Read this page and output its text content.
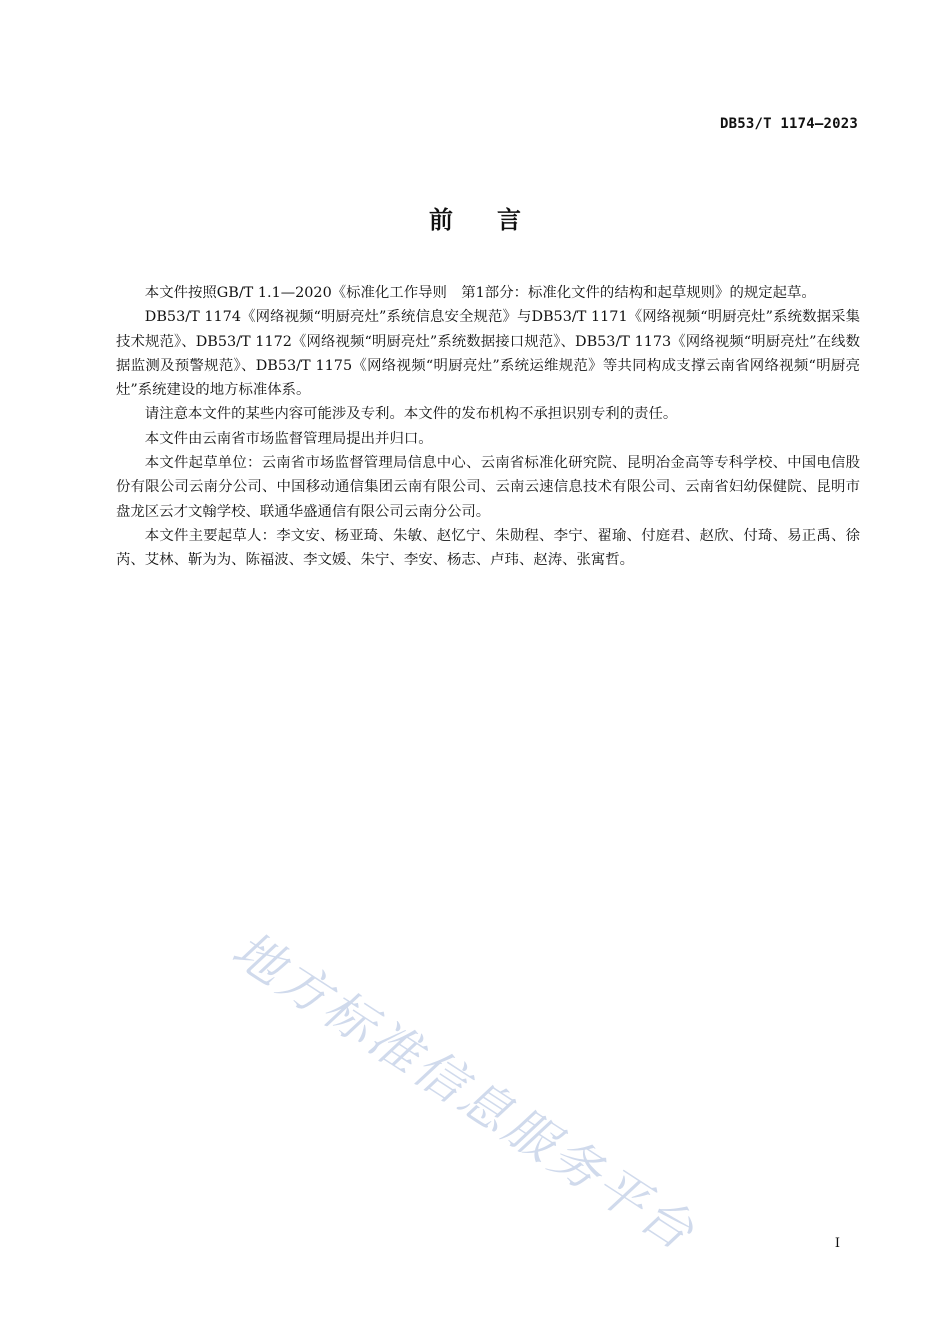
DB53/T 1174—2023
前言

本文件按照GB/T 1.1—2020《标准化工作导则　第1部分：标准化文件的结构和起草规则》的规定起草。

DB53/T 1174《网络视频“明厨亮灶”系统信息安全规范》与DB53/T 1171《网络视频“明厨亮灶”系统数据采集技术规范》、DB53/T 1172《网络视频“明厨亮灶”系统数据接口规范》、DB53/T 1173《网络视频“明厨亮灶”在线数据监测及预警规范》、DB53/T 1175《网络视频“明厨亮灶”系统运维规范》等共同构成支撑云南省网络视频“明厨亮灶”系统建设的地方标准体系。

请注意本文件的某些内容可能涉及专利。本文件的发布机构不承担识别专利的责任。

本文件由云南省市场监督管理局提出并归口。

本文件起草单位：云南省市场监督管理局信息中心、云南省标准化研究院、昆明冶金高等专科学校、中国电信股份有限公司云南分公司、中国移动通信集团云南有限公司、云南云速信息技术有限公司、云南省妇幼保健院、昆明市盘龙区云才文翰学校、联通华盛通信有限公司云南分公司。

本文件主要起草人：李文安、杨亚琦、朱敏、赵忆宁、朱勋程、李宁、翟瑜、付庭君、赵欣、付琦、易正禹、徐芮、艾林、靳为为、陈福波、李文媛、朱宁、李安、杨志、卢玮、赵涛、张寓哲。

地方标准信息服务平台	I
